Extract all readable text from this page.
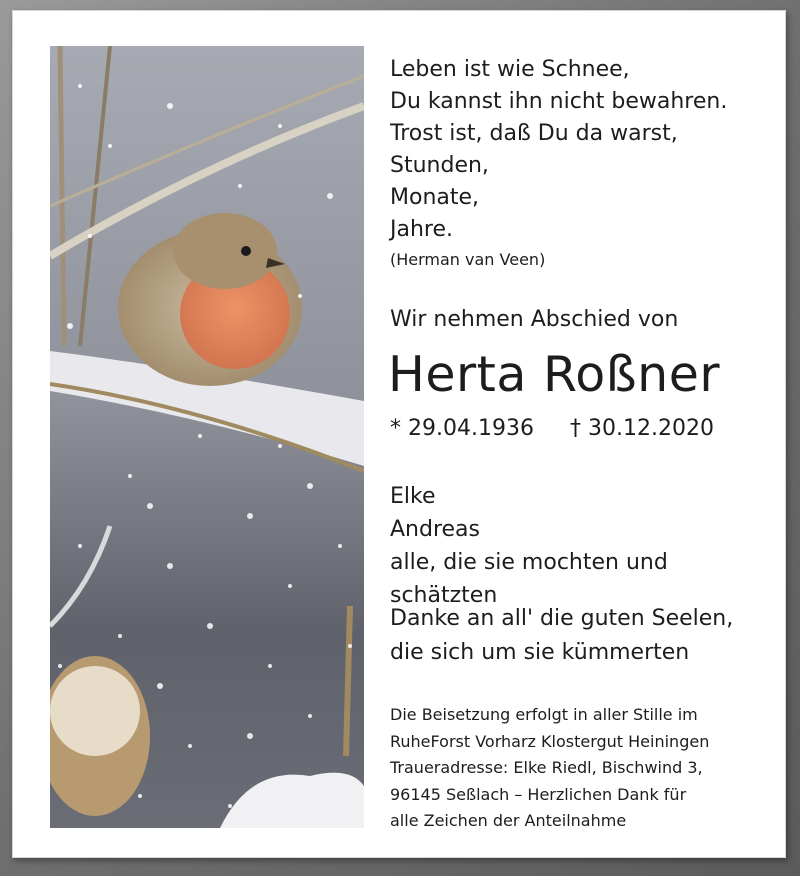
Leben ist wie Schnee,
Du kannst ihn nicht bewahren.
Trost ist, daß Du da warst,
Stunden,
Monate,
Jahre.
(Herman van Veen)
Wir nehmen Abschied von
Herta Roßner
* 29.04.1936 † 30.12.2020
Elke
Andreas
alle, die sie mochten und schätzten
Danke an all' die guten Seelen,
die sich um sie kümmerten
Die Beisetzung erfolgt in aller Stille im
RuheForst Vorharz Klostergut Heiningen
Traueradresse: Elke Riedl, Bischwind 3,
96145 Seßlach – Herzlichen Dank für
alle Zeichen der Anteilnahme
